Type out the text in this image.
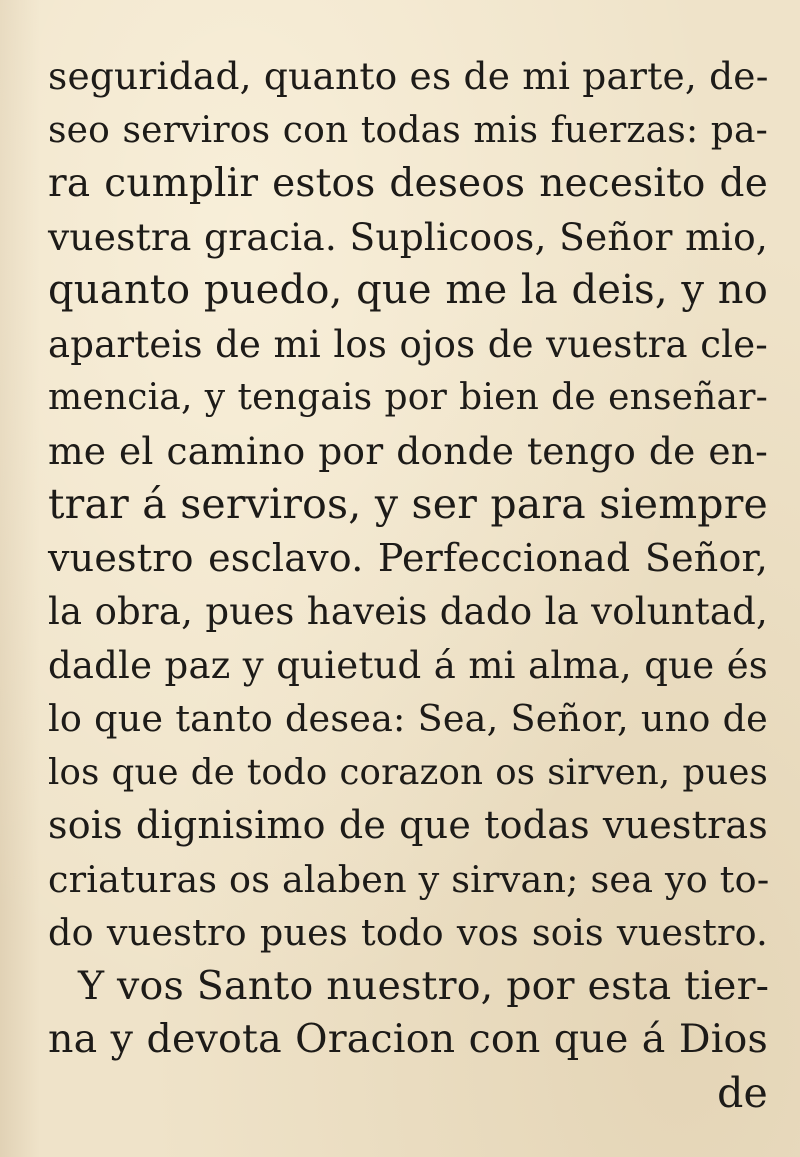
seguridad, quanto es de mi parte, de-
seo serviros con todas mis fuerzas: pa-
ra cumplir estos deseos necesito de
vuestra gracia. Suplicoos, Señor mio,
quanto puedo, que me la deis, y no
aparteis de mi los ojos de vuestra cle-
mencia, y tengais por bien de enseñar-
me el camino por donde tengo de en-
trar á serviros, y ser para siempre
vuestro esclavo. Perfeccionad Señor,
la obra, pues haveis dado la voluntad,
dadle paz y quietud á mi alma, que és
lo que tanto desea: Sea, Señor, uno de
los que de todo corazon os sirven, pues
sois dignisimo de que todas vuestras
criaturas os alaben y sirvan; sea yo to-
do vuestro pues todo vos sois vuestro.
Y vos Santo nuestro, por esta tier-
na y devota Oracion con que á Dios
de
